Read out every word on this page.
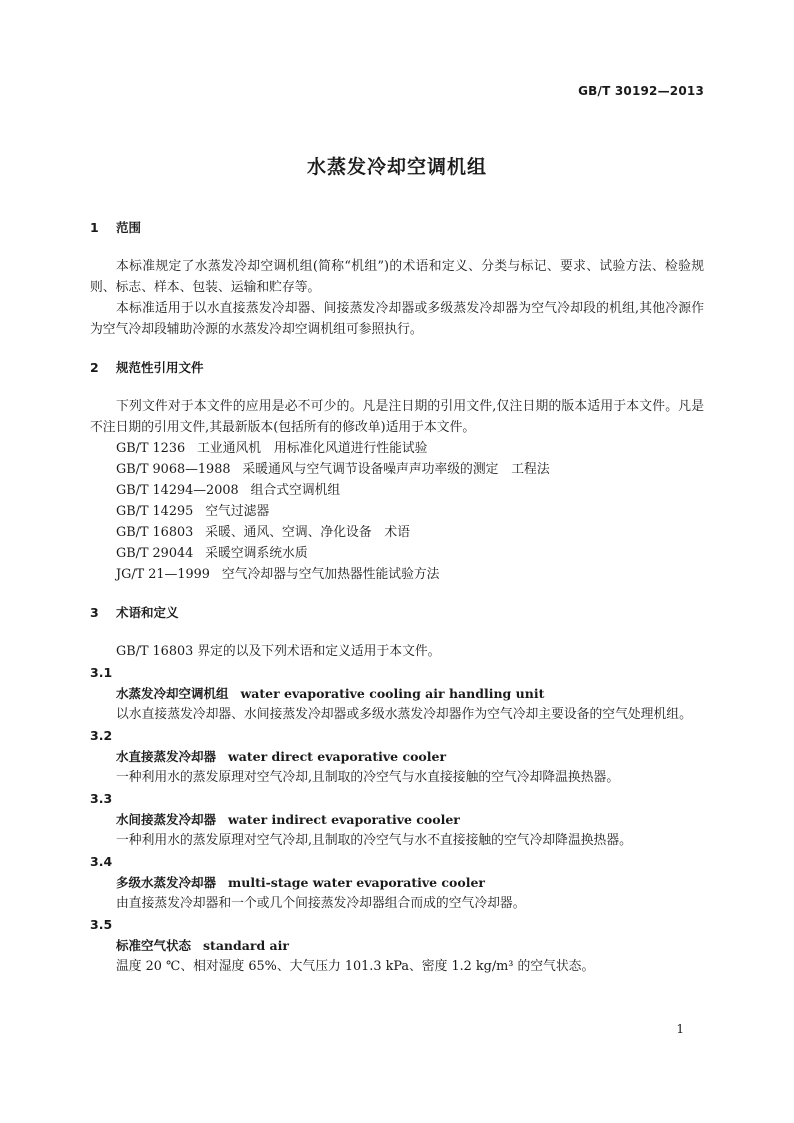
GB/T 30192—2013
水蒸发冷却空调机组
1 范围

本标准规定了水蒸发冷却空调机组(简称“机组”)的术语和定义、分类与标记、要求、试验方法、检验规则、标志、样本、包装、运输和贮存等。

本标准适用于以水直接蒸发冷却器、间接蒸发冷却器或多级蒸发冷却器为空气冷却段的机组,其他冷源作为空气冷却段辅助冷源的水蒸发冷却空调机组可参照执行。

2 规范性引用文件

下列文件对于本文件的应用是必不可少的。凡是注日期的引用文件,仅注日期的版本适用于本文件。凡是不注日期的引用文件,其最新版本(包括所有的修改单)适用于本文件。

GB/T 1236 工业通风机　用标准化风道进行性能试验
GB/T 9068—1988 采暖通风与空气调节设备噪声声功率级的测定　工程法
GB/T 14294—2008 组合式空调机组
GB/T 14295 空气过滤器
GB/T 16803 采暖、通风、空调、净化设备　术语
GB/T 29044 采暖空调系统水质
JG/T 21—1999 空气冷却器与空气加热器性能试验方法
3 术语和定义

GB/T 16803 界定的以及下列术语和定义适用于本文件。

3.1
水蒸发冷却空调机组 water evaporative cooling air handling unit

以水直接蒸发冷却器、水间接蒸发冷却器或多级水蒸发冷却器作为空气冷却主要设备的空气处理机组。

3.2
水直接蒸发冷却器 water direct evaporative cooler

一种利用水的蒸发原理对空气冷却,且制取的冷空气与水直接接触的空气冷却降温换热器。

3.3
水间接蒸发冷却器 water indirect evaporative cooler

一种利用水的蒸发原理对空气冷却,且制取的冷空气与水不直接接触的空气冷却降温换热器。

3.4
多级水蒸发冷却器 multi-stage water evaporative cooler

由直接蒸发冷却器和一个或几个间接蒸发冷却器组合而成的空气冷却器。

3.5
标准空气状态 standard air

温度 20 ℃、相对湿度 65%、大气压力 101.3 kPa、密度 1.2 kg/m³ 的空气状态。

1
